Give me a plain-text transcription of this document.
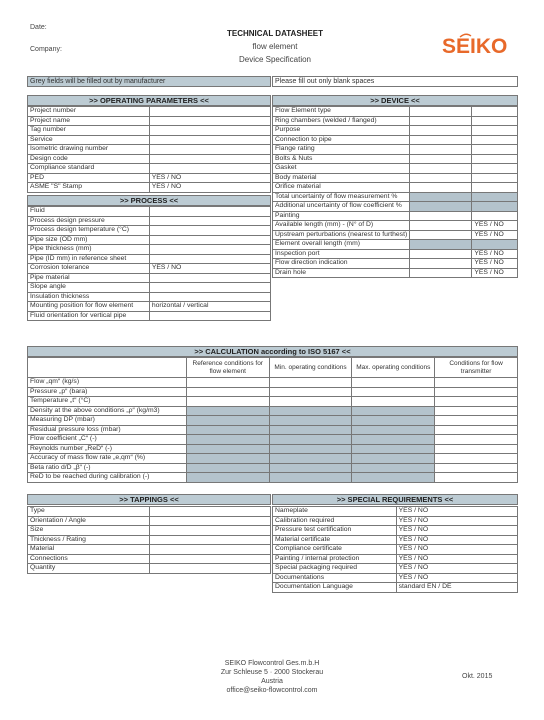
Date:
Company:
TECHNICAL DATASHEET
flow element
Device Specification
SEIKO
Grey fields will be filled out by manufacturer	Please fill out only blank spaces
>> OPERATING PARAMETERS <<
Project number	
Project name	
Tag number	
Service	
Isometric drawing number	
Design code	
Compliance standard	
PED	YES / NO
ASME "S" Stamp	YES / NO
>> PROCESS <<
Fluid	
Process design pressure	
Process design temperature (°C)	
Pipe size (OD mm)	
Pipe thickness (mm)	
Pipe (ID mm) in reference sheet	
Corrosion tolerance	YES / NO
Pipe material	
Slope angle	
Insulation thickness	
Mounting position for flow element	horizontal / vertical
Fluid orientation for vertical pipe	
>> DEVICE <<
Flow Element type		
Ring chambers (welded / flanged)		
Purpose		
Connection to pipe		
Flange rating		
Bolts & Nuts		
Gasket		
Body material		
Orifice material		
Total uncertainty of flow measurement %		
Additional uncertainty of flow coefficient %		
Painting		
Available length (mm) - (N° of D)		YES / NO
Upstream perturbations (nearest to furthest)		YES / NO
Element overall length (mm)		
Inspection port		YES / NO
Flow direction indication		YES / NO
Drain hole		YES / NO
>> CALCULATION according to ISO 5167 <<
	Reference conditions for flow element	Min. operating conditions	Max. operating conditions	Conditions for flow transmitter
Flow „qm“ (kg/s)				
Pressure „p“ (bara)				
Temperature „t“ (°C)				
Density at the above conditions „ρ“ (kg/m3)				
Measuring DP (mbar)				
Residual pressure loss (mbar)				
Flow coefficient „C“ (-)				
Reynolds number „ReD“ (-)				
Accuracy of mass flow rate „e,qm“ (%)				
Beta ratio d/D „β“ (-)				
ReD to be reached during calibration (-)				
>> TAPPINGS <<
Type	
Orientation / Angle	
Size	
Thickness / Rating	
Material	
Connections	
Quantity	
>> SPECIAL REQUIREMENTS <<
Nameplate	YES / NO
Calibration required	YES / NO
Pressure test certification	YES / NO
Material certificate	YES / NO
Compliance certificate	YES / NO
Painting / internal protection	YES / NO
Special packaging required	YES / NO
Documentations	YES / NO
Documentation Language	standard EN / DE
SEIKO Flowcontrol Ges.m.b.H
Zur Schleuse 5 · 2000 Stockerau
Austria
office@seiko-flowcontrol.com
Okt. 2015
